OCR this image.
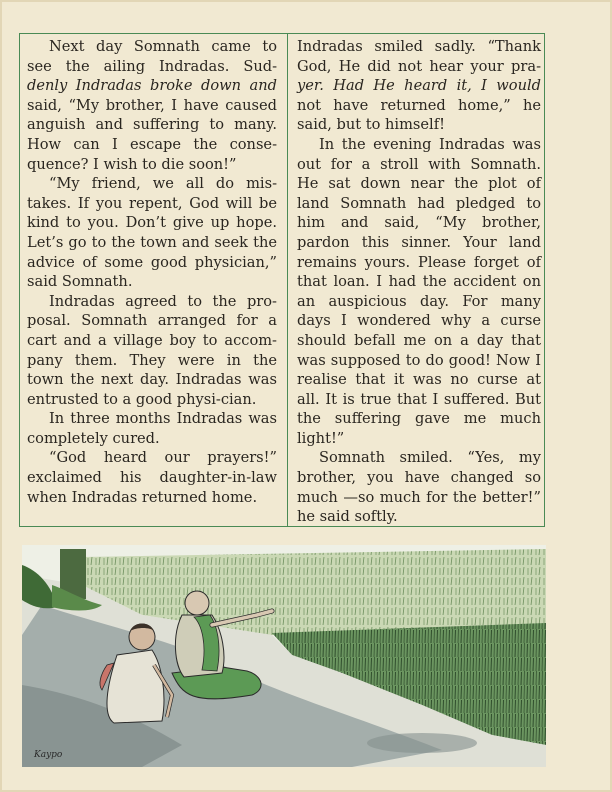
Next day Somnath came to see the ailing Indradas. Sud-denly Indradas broke down and said, “My brother, I have caused anguish and suffering to many. How can I escape the conse-quence? I wish to die soon!”

“My friend, we all do mis-takes. If you repent, God will be kind to you. Don’t give up hope. Let’s go to the town and seek the advice of some good physician,” said Somnath.

Indradas agreed to the pro-posal. Somnath arranged for a cart and a village boy to accom-pany them. They were in the town the next day. Indradas was entrusted to a good physi-cian.

In three months Indradas was completely cured.

“God heard our prayers!” exclaimed his daughter-in-law when Indradas returned home.

Indradas smiled sadly. “Thank God, He did not hear your pra-yer. Had He heard it, I would not have returned home,” he said, but to himself!

In the evening Indradas was out for a stroll with Somnath. He sat down near the plot of land Somnath had pledged to him and said, “My brother, pardon this sinner. Your land remains yours. Please forget of that loan. I had the accident on an auspicious day. For many days I wondered why a curse should befall me on a day that was supposed to do good! Now I realise that it was no curse at all. It is true that I suffered. But the suffering gave me much light!”

Somnath smiled. “Yes, my brother, you have changed so much —so much for the better!” he said softly.

Kaypo
